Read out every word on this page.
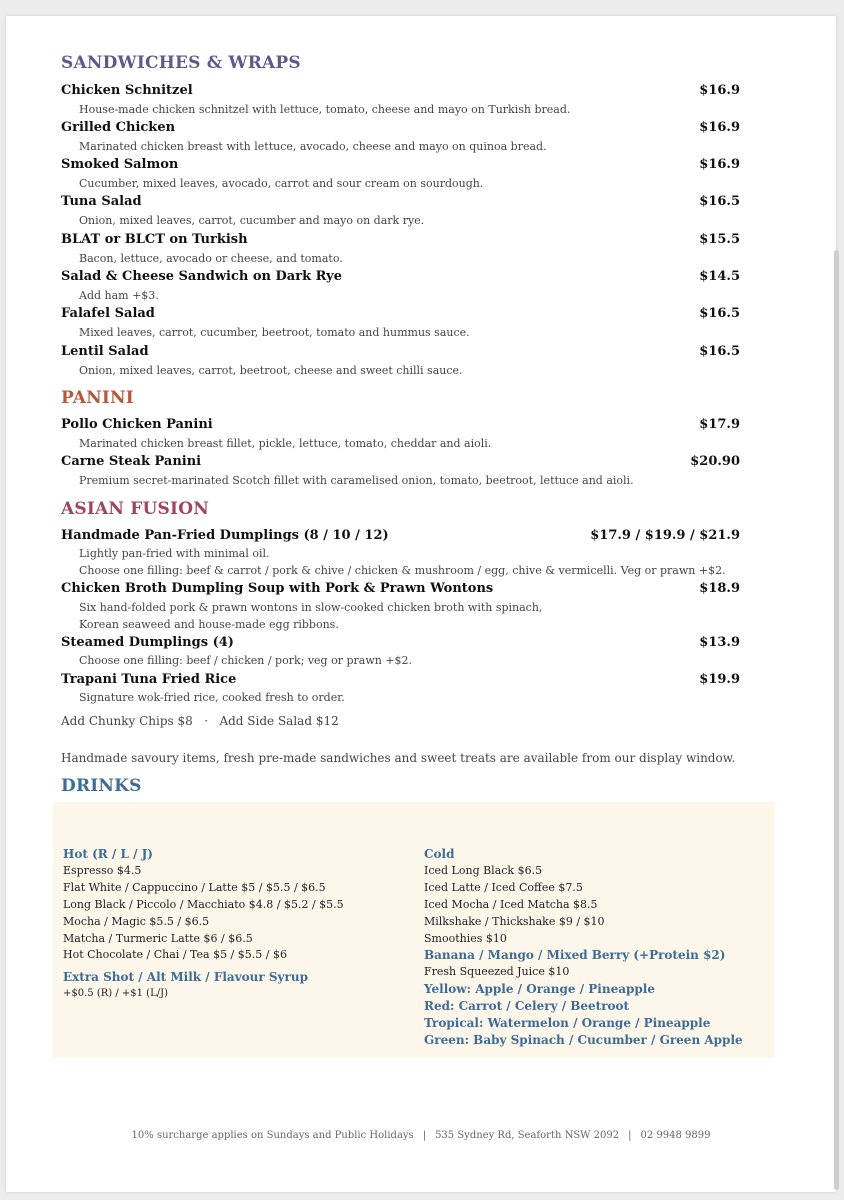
SANDWICHES & WRAPS
Chicken Schnitzel	$16.9
House-made chicken schnitzel with lettuce, tomato, cheese and mayo on Turkish bread.
Grilled Chicken	$16.9
Marinated chicken breast with lettuce, avocado, cheese and mayo on quinoa bread.
Smoked Salmon	$16.9
Cucumber, mixed leaves, avocado, carrot and sour cream on sourdough.
Tuna Salad	$16.5
Onion, mixed leaves, carrot, cucumber and mayo on dark rye.
BLAT or BLCT on Turkish	$15.5
Bacon, lettuce, avocado or cheese, and tomato.
Salad & Cheese Sandwich on Dark Rye	$14.5
Add ham +$3.
Falafel Salad	$16.5
Mixed leaves, carrot, cucumber, beetroot, tomato and hummus sauce.
Lentil Salad	$16.5
Onion, mixed leaves, carrot, beetroot, cheese and sweet chilli sauce.
PANINI
Pollo Chicken Panini	$17.9
Marinated chicken breast fillet, pickle, lettuce, tomato, cheddar and aioli.
Carne Steak Panini	$20.90
Premium secret-marinated Scotch fillet with caramelised onion, tomato, beetroot, lettuce and aioli.
ASIAN FUSION
Handmade Pan-Fried Dumplings (8 / 10 / 12)	$17.9 / $19.9 / $21.9
Lightly pan-fried with minimal oil.
Choose one filling: beef & carrot / pork & chive / chicken & mushroom / egg, chive & vermicelli. Veg or prawn +$2.
Chicken Broth Dumpling Soup with Pork & Prawn Wontons	$18.9
Six hand-folded pork & prawn wontons in slow-cooked chicken broth with spinach,
Korean seaweed and house-made egg ribbons.
Steamed Dumplings (4)	$13.9
Choose one filling: beef / chicken / pork; veg or prawn +$2.
Trapani Tuna Fried Rice	$19.9
Signature wok-fried rice, cooked fresh to order.
Add Chunky Chips $8   ·   Add Side Salad $12
Handmade savoury items, fresh pre-made sandwiches and sweet treats are available from our display window.
DRINKS
Hot (R / L / J)
Espresso $4.5
Flat White / Cappuccino / Latte $5 / $5.5 / $6.5
Long Black / Piccolo / Macchiato $4.8 / $5.2 / $5.5
Mocha / Magic $5.5 / $6.5
Matcha / Turmeric Latte $6 / $6.5
Hot Chocolate / Chai / Tea $5 / $5.5 / $6
Extra Shot / Alt Milk / Flavour Syrup
+$0.5 (R) / +$1 (L/J)
Cold
Iced Long Black $6.5
Iced Latte / Iced Coffee $7.5
Iced Mocha / Iced Matcha $8.5
Milkshake / Thickshake $9 / $10
Smoothies $10
Banana / Mango / Mixed Berry (+Protein $2)
Fresh Squeezed Juice $10
Yellow: Apple / Orange / Pineapple
Red: Carrot / Celery / Beetroot
Tropical: Watermelon / Orange / Pineapple
Green: Baby Spinach / Cucumber / Green Apple
10% surcharge applies on Sundays and Public Holidays | 535 Sydney Rd, Seaforth NSW 2092 | 02 9948 9899
